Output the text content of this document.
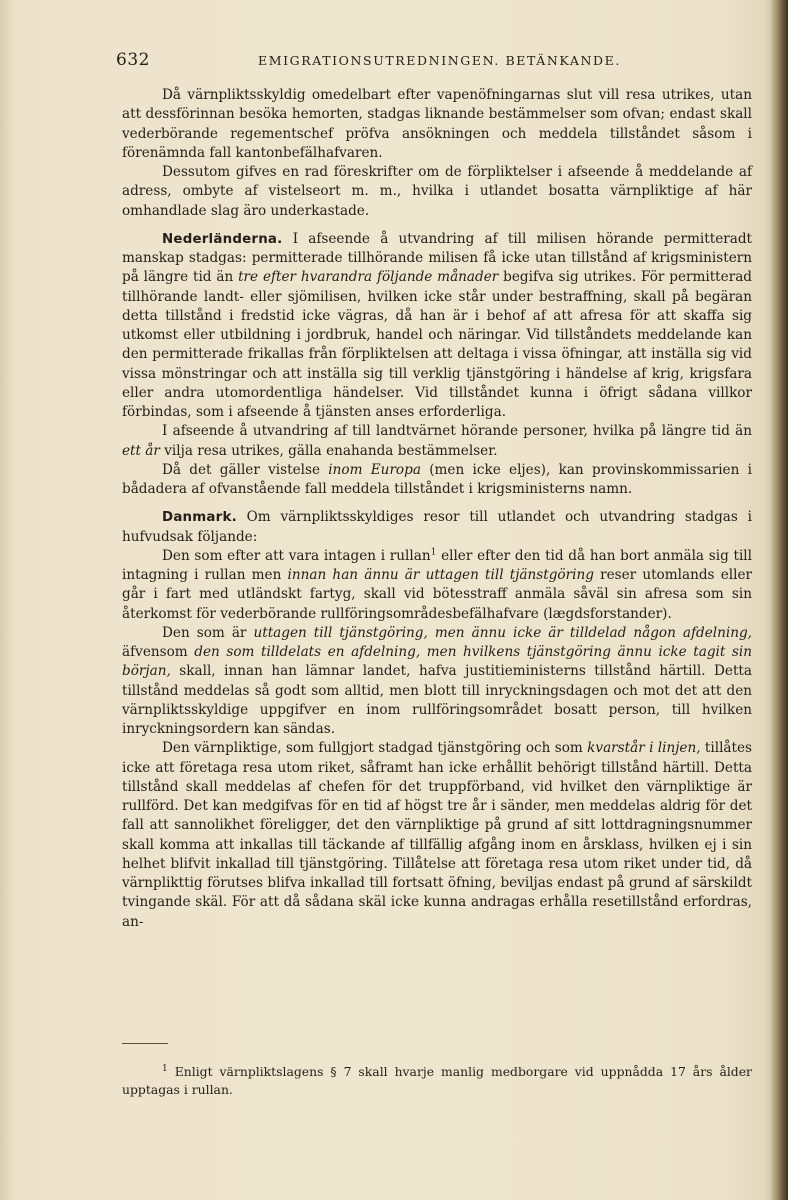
632	EMIGRATIONSUTREDNINGEN. BETÄNKANDE.

Då värnpliktsskyldig omedelbart efter vapenöfningarnas slut vill resa utrikes, utan att dessförinnan besöka hemorten, stadgas liknande bestämmelser som ofvan; endast skall vederbörande regementschef pröfva ansökningen och meddela tillståndet såsom i förenämnda fall kantonbefälhafvaren.

Dessutom gifves en rad föreskrifter om de förpliktelser i afseende å meddelande af adress, ombyte af vistelseort m. m., hvilka i utlandet bosatta värnpliktige af här omhandlade slag äro underkastade.

Nederländerna. I afseende å utvandring af till milisen hörande permitteradt manskap stadgas: permitterade tillhörande milisen få icke utan tillstånd af krigsministern på längre tid än tre efter hvarandra följande månader begifva sig utrikes. För permitterad tillhörande landt- eller sjömilisen, hvilken icke står under bestraffning, skall på begäran detta tillstånd i fredstid icke vägras, då han är i behof af att afresa för att skaffa sig utkomst eller utbildning i jordbruk, handel och näringar. Vid tillståndets meddelande kan den permitterade frikallas från förpliktelsen att deltaga i vissa öfningar, att inställa sig vid vissa mönstringar och att inställa sig till verklig tjänstgöring i händelse af krig, krigsfara eller andra utomordentliga händelser. Vid tillståndet kunna i öfrigt sådana villkor förbindas, som i afseende å tjänsten anses erforderliga.

I afseende å utvandring af till landtvärnet hörande personer, hvilka på längre tid än ett år vilja resa utrikes, gälla enahanda bestämmelser.

Då det gäller vistelse inom Europa (men icke eljes), kan provinskommissarien i bådadera af ofvanstående fall meddela tillståndet i krigsministerns namn.

Danmark. Om värnpliktsskyldiges resor till utlandet och utvandring stadgas i hufvudsak följande:

Den som efter att vara intagen i rullan$^1$ eller efter den tid då han bort anmäla sig till intagning i rullan men innan han ännu är uttagen till tjänstgöring reser utomlands eller går i fart med utländskt fartyg, skall vid bötesstraff anmäla såväl sin afresa som sin återkomst för vederbörande rullföringsområdesbefälhafvare (lægdsforstander).

Den som är uttagen till tjänstgöring, men ännu icke är tilldelad någon afdelning, äfvensom den som tilldelats en afdelning, men hvilkens tjänstgöring ännu icke tagit sin början, skall, innan han lämnar landet, hafva justitieministerns tillstånd härtill. Detta tillstånd meddelas så godt som alltid, men blott till inryckningsdagen och mot det att den värnpliktsskyldige uppgifver en inom rullföringsområdet bosatt person, till hvilken inryckningsordern kan sändas.

Den värnpliktige, som fullgjort stadgad tjänstgöring och som kvarstår i linjen, tillåtes icke att företaga resa utom riket, såframt han icke erhållit behörigt tillstånd härtill. Detta tillstånd skall meddelas af chefen för det truppförband, vid hvilket den värnpliktige är rullförd. Det kan medgifvas för en tid af högst tre år i sänder, men meddelas aldrig för det fall att sannolikhet föreligger, det den värnpliktige på grund af sitt lottdragningsnummer skall komma att inkallas till täckande af tillfällig afgång inom en årsklass, hvilken ej i sin helhet blifvit inkallad till tjänstgöring. Tillåtelse att företaga resa utom riket under tid, då värnplikttig förutses blifva inkallad till fortsatt öfning, beviljas endast på grund af särskildt tvingande skäl. För att då sådana skäl icke kunna andragas erhålla resetillstånd erfordras, an-

$^1$ Enligt värnpliktslagens § 7 skall hvarje manlig medborgare vid uppnådda 17 års ålder upptagas i rullan.
